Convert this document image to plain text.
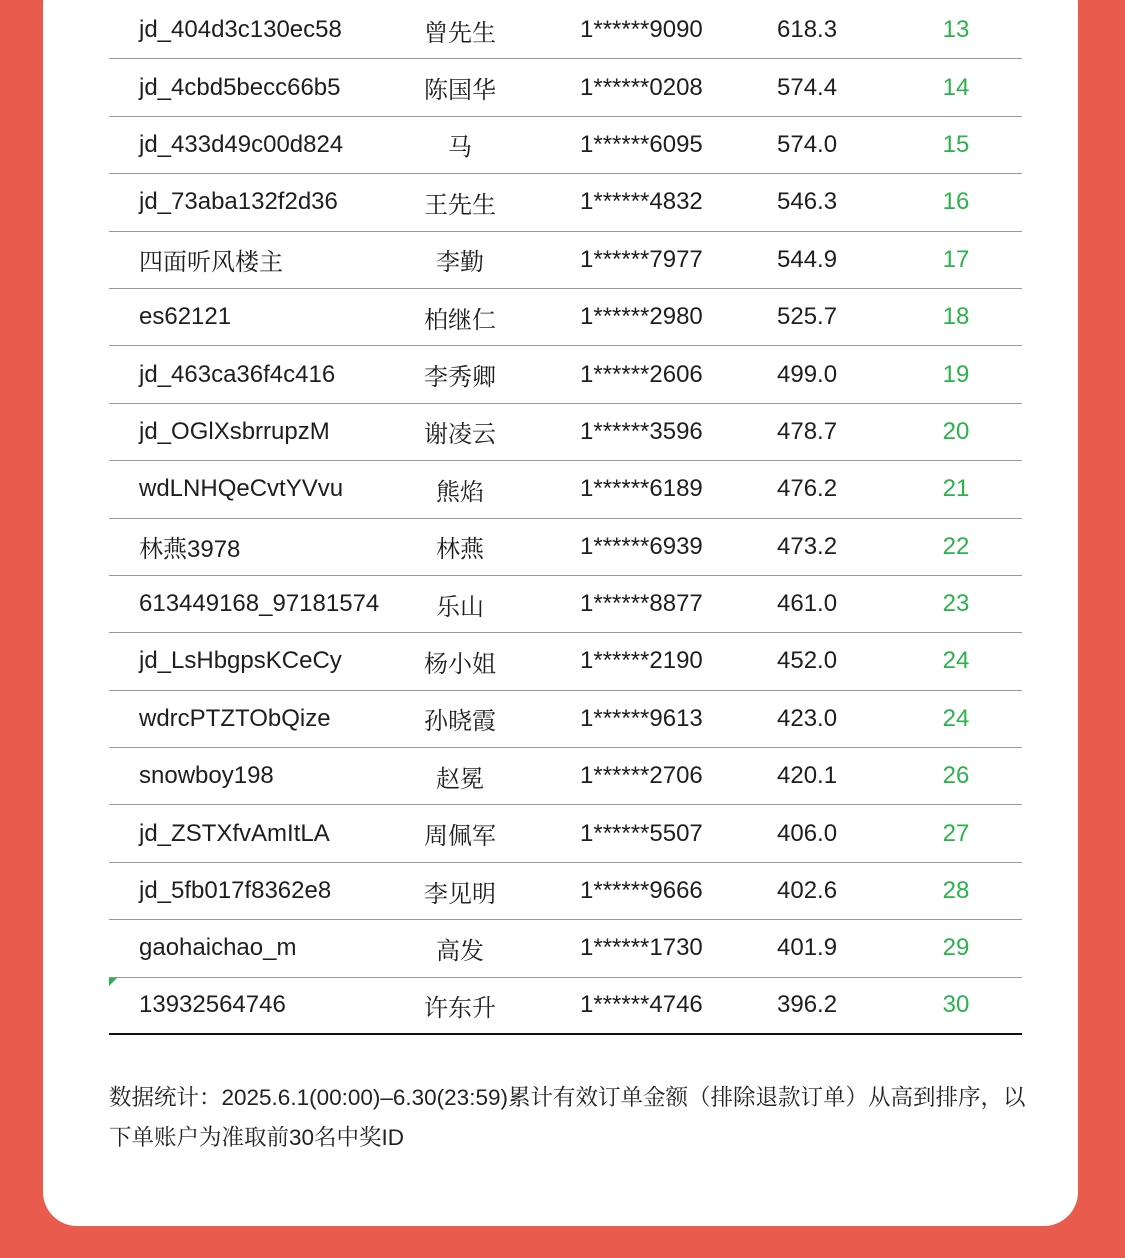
jd_404d3c130ec58	曾先生	1******9090	618.3	13
jd_4cbd5becc66b5	陈国华	1******0208	574.4	14
jd_433d49c00d824	马	1******6095	574.0	15
jd_73aba132f2d36	王先生	1******4832	546.3	16
四面听风楼主	李勤	1******7977	544.9	17
es62121	柏继仁	1******2980	525.7	18
jd_463ca36f4c416	李秀卿	1******2606	499.0	19
jd_OGlXsbrrupzM	谢凌云	1******3596	478.7	20
wdLNHQeCvtYVvu	熊焰	1******6189	476.2	21
林燕3978	林燕	1******6939	473.2	22
613449168_97181574	乐山	1******8877	461.0	23
jd_LsHbgpsKCeCy	杨小姐	1******2190	452.0	24
wdrcPTZTObQize	孙晓霞	1******9613	423.0	24
snowboy198	赵冕	1******2706	420.1	26
jd_ZSTXfvAmItLA	周佩军	1******5507	406.0	27
jd_5fb017f8362e8	李见明	1******9666	402.6	28
gaohaichao_m	高发	1******1730	401.9	29
13932564746	许东升	1******4746	396.2	30

数据统计：2025.6.1(00:00)–6.30(23:59)累计有效订单金额（排除退款订单）从高到排序，以下单账户为准取前30名中奖ID
